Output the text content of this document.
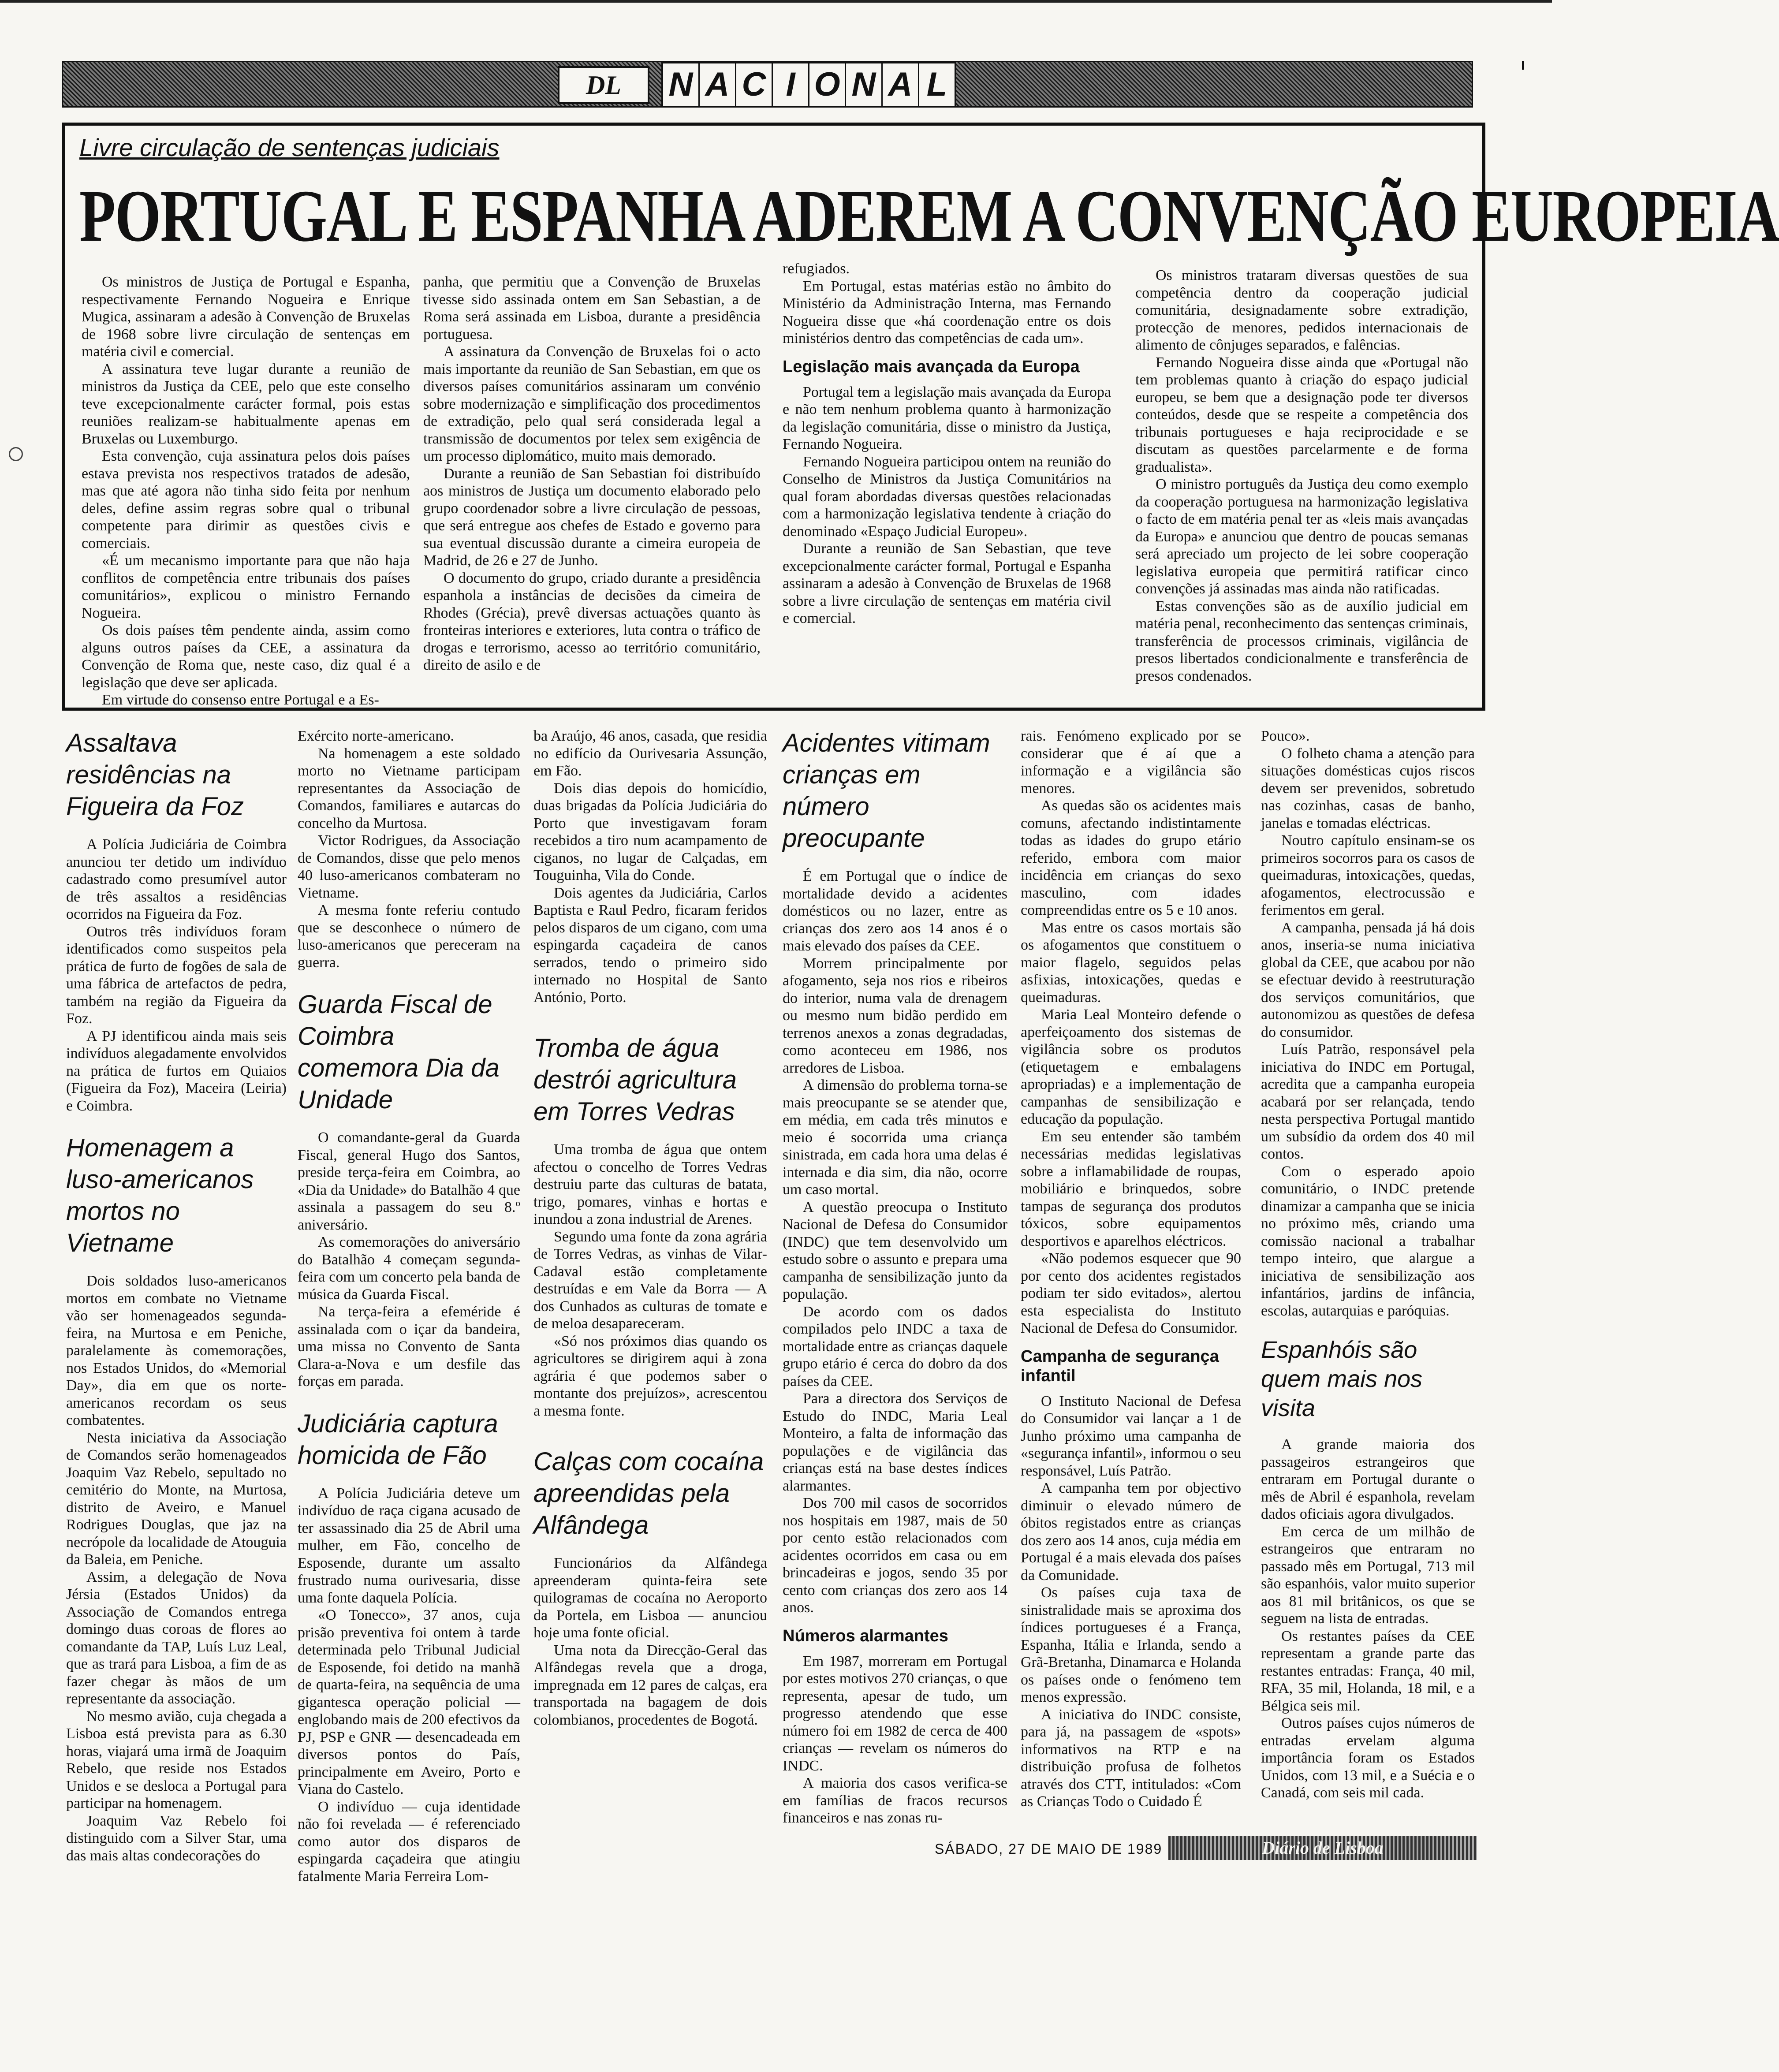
DL	N A C I O N A L
Livre circulação de sentenças judiciais
PORTUGAL E ESPANHA ADEREM A CONVENÇÃO EUROPEIA

Os ministros de Justiça de Portugal e Espanha, respectivamente Fernando Nogueira e Enrique Mugica, assinaram a adesão à Convenção de Bruxelas de 1968 sobre livre circulação de sentenças em matéria civil e comercial.

A assinatura teve lugar durante a reunião de ministros da Justiça da CEE, pelo que este conselho teve excepcionalmente carácter formal, pois estas reuniões realizam-se habitualmente apenas em Bruxelas ou Luxemburgo.

Esta convenção, cuja assinatura pelos dois países estava prevista nos respectivos tratados de adesão, mas que até agora não tinha sido feita por nenhum deles, define assim regras sobre qual o tribunal competente para dirimir as questões civis e comerciais.

«É um mecanismo importante para que não haja conflitos de competência entre tribunais dos países comunitários», explicou o ministro Fernando Nogueira.

Os dois países têm pendente ainda, assim como alguns outros países da CEE, a assinatura da Convenção de Roma que, neste caso, diz qual é a legislação que deve ser aplicada.

Em virtude do consenso entre Portugal e a Es-

panha, que permitiu que a Convenção de Bruxelas tivesse sido assinada ontem em San Sebastian, a de Roma será assinada em Lisboa, durante a presidência portuguesa.

A assinatura da Convenção de Bruxelas foi o acto mais importante da reunião de San Sebastian, em que os diversos países comunitários assinaram um convénio sobre modernização e simplificação dos procedimentos de extradição, pelo qual será considerada legal a transmissão de documentos por telex sem exigência de um processo diplomático, muito mais demorado.

Durante a reunião de San Sebastian foi distribuído aos ministros de Justiça um documento elaborado pelo grupo coordenador sobre a livre circulação de pessoas, que será entregue aos chefes de Estado e governo para sua eventual discussão durante a cimeira europeia de Madrid, de 26 e 27 de Junho.

O documento do grupo, criado durante a presidência espanhola a instâncias de decisões da cimeira de Rhodes (Grécia), prevê diversas actuações quanto às fronteiras interiores e exteriores, luta contra o tráfico de drogas e terrorismo, acesso ao território comunitário, direito de asilo e de

refugiados.

Em Portugal, estas matérias estão no âmbito do Ministério da Administração Interna, mas Fernando Nogueira disse que «há coordenação entre os dois ministérios dentro das competências de cada um».

Legislação mais avançada da Europa

Portugal tem a legislação mais avançada da Europa e não tem nenhum problema quanto à harmonização da legislação comunitária, disse o ministro da Justiça, Fernando Nogueira.

Fernando Nogueira participou ontem na reunião do Conselho de Ministros da Justiça Comunitários na qual foram abordadas diversas questões relacionadas com a harmonização legislativa tendente à criação do denominado «Espaço Judicial Europeu».

Durante a reunião de San Sebastian, que teve excepcionalmente carácter formal, Portugal e Espanha assinaram a adesão à Convenção de Bruxelas de 1968 sobre a livre circulação de sentenças em matéria civil e comercial.

Os ministros trataram diversas questões de sua competência dentro da cooperação judicial comunitária, designadamente sobre extradição, protecção de menores, pedidos internacionais de alimento de cônjuges separados, e falências.

Fernando Nogueira disse ainda que «Portugal não tem problemas quanto à criação do espaço judicial europeu, se bem que a designação pode ter diversos conteúdos, desde que se respeite a competência dos tribunais portugueses e haja reciprocidade e se discutam as questões parcelarmente e de forma gradualista».

O ministro português da Justiça deu como exemplo da cooperação portuguesa na harmonização legislativa o facto de em matéria penal ter as «leis mais avançadas da Europa» e anunciou que dentro de poucas semanas será apreciado um projecto de lei sobre cooperação legislativa europeia que permitirá ratificar cinco convenções já assinadas mas ainda não ratificadas.

Estas convenções são as de auxílio judicial em matéria penal, reconhecimento das sentenças criminais, transferência de processos criminais, vigilância de presos libertados condicionalmente e transferência de presos condenados.

Assaltava residências na Figueira da Foz

A Polícia Judiciária de Coimbra anunciou ter detido um indivíduo cadastrado como presumível autor de três assaltos a residências ocorridos na Figueira da Foz.

Outros três indivíduos foram identificados como suspeitos pela prática de furto de fogões de sala de uma fábrica de artefactos de pedra, também na região da Figueira da Foz.

A PJ identificou ainda mais seis indivíduos alegadamente envolvidos na prática de furtos em Quiaios (Figueira da Foz), Maceira (Leiria) e Coimbra.

Homenagem a luso-americanos mortos no Vietname

Dois soldados luso-americanos mortos em combate no Vietname vão ser homenageados segunda-feira, na Murtosa e em Peniche, paralelamente às comemorações, nos Estados Unidos, do «Memorial Day», dia em que os norte-americanos recordam os seus combatentes.

Nesta iniciativa da Associação de Comandos serão homenageados Joaquim Vaz Rebelo, sepultado no cemitério do Monte, na Murtosa, distrito de Aveiro, e Manuel Rodrigues Douglas, que jaz na necrópole da localidade de Atouguia da Baleia, em Peniche.

Assim, a delegação de Nova Jérsia (Estados Unidos) da Associação de Comandos entrega domingo duas coroas de flores ao comandante da TAP, Luís Luz Leal, que as trará para Lisboa, a fim de as fazer chegar às mãos de um representante da associação.

No mesmo avião, cuja chegada a Lisboa está prevista para as 6.30 horas, viajará uma irmã de Joaquim Rebelo, que reside nos Estados Unidos e se desloca a Portugal para participar na homenagem.

Joaquim Vaz Rebelo foi distinguido com a Silver Star, uma das mais altas condecorações do

Exército norte-americano.

Na homenagem a este soldado morto no Vietname participam representantes da Associação de Comandos, familiares e autarcas do concelho da Murtosa.

Victor Rodrigues, da Associação de Comandos, disse que pelo menos 40 luso-americanos combateram no Vietname.

A mesma fonte referiu contudo que se desconhece o número de luso-americanos que pereceram na guerra.

Guarda Fiscal de Coimbra comemora Dia da Unidade

O comandante-geral da Guarda Fiscal, general Hugo dos Santos, preside terça-feira em Coimbra, ao «Dia da Unidade» do Batalhão 4 que assinala a passagem do seu 8.º aniversário.

As comemorações do aniversário do Batalhão 4 começam segunda-feira com um concerto pela banda de música da Guarda Fiscal.

Na terça-feira a efeméride é assinalada com o içar da bandeira, uma missa no Convento de Santa Clara-a-Nova e um desfile das forças em parada.

Judiciária captura homicida de Fão

A Polícia Judiciária deteve um indivíduo de raça cigana acusado de ter assassinado dia 25 de Abril uma mulher, em Fão, concelho de Esposende, durante um assalto frustrado numa ourivesaria, disse uma fonte daquela Polícia.

«O Tonecco», 37 anos, cuja prisão preventiva foi ontem à tarde determinada pelo Tribunal Judicial de Esposende, foi detido na manhã de quarta-feira, na sequência de uma gigantesca operação policial — englobando mais de 200 efectivos da PJ, PSP e GNR — desencadeada em diversos pontos do País, principalmente em Aveiro, Porto e Viana do Castelo.

O indivíduo — cuja identidade não foi revelada — é referenciado como autor dos disparos de espingarda caçadeira que atingiu fatalmente Maria Ferreira Lom-

ba Araújo, 46 anos, casada, que residia no edifício da Ourivesaria Assunção, em Fão.

Dois dias depois do homicídio, duas brigadas da Polícia Judiciária do Porto que investigavam foram recebidos a tiro num acampamento de ciganos, no lugar de Calçadas, em Touguinha, Vila do Conde.

Dois agentes da Judiciária, Carlos Baptista e Raul Pedro, ficaram feridos pelos disparos de um cigano, com uma espingarda caçadeira de canos serrados, tendo o primeiro sido internado no Hospital de Santo António, Porto.

Tromba de água destrói agricultura em Torres Vedras

Uma tromba de água que ontem afectou o concelho de Torres Vedras destruiu parte das culturas de batata, trigo, pomares, vinhas e hortas e inundou a zona industrial de Arenes.

Segundo uma fonte da zona agrária de Torres Vedras, as vinhas de Vilar-Cadaval estão completamente destruídas e em Vale da Borra — A dos Cunhados as culturas de tomate e de meloa desapareceram.

«Só nos próximos dias quando os agricultores se dirigirem aqui à zona agrária é que podemos saber o montante dos prejuízos», acrescentou a mesma fonte.

Calças com cocaína apreendidas pela Alfândega

Funcionários da Alfândega apreenderam quinta-feira sete quilogramas de cocaína no Aeroporto da Portela, em Lisboa — anunciou hoje uma fonte oficial.

Uma nota da Direcção-Geral das Alfândegas revela que a droga, impregnada em 12 pares de calças, era transportada na bagagem de dois colombianos, procedentes de Bogotá.

Acidentes vitimam crianças em número preocupante

É em Portugal que o índice de mortalidade devido a acidentes domésticos ou no lazer, entre as crianças dos zero aos 14 anos é o mais elevado dos países da CEE.

Morrem principalmente por afogamento, seja nos rios e ribeiros do interior, numa vala de drenagem ou mesmo num bidão perdido em terrenos anexos a zonas degradadas, como aconteceu em 1986, nos arredores de Lisboa.

A dimensão do problema torna-se mais preocupante se se atender que, em média, em cada três minutos e meio é socorrida uma criança sinistrada, em cada hora uma delas é internada e dia sim, dia não, ocorre um caso mortal.

A questão preocupa o Instituto Nacional de Defesa do Consumidor (INDC) que tem desenvolvido um estudo sobre o assunto e prepara uma campanha de sensibilização junto da população.

De acordo com os dados compilados pelo INDC a taxa de mortalidade entre as crianças daquele grupo etário é cerca do dobro da dos países da CEE.

Para a directora dos Serviços de Estudo do INDC, Maria Leal Monteiro, a falta de informação das populações e de vigilância das crianças está na base destes índices alarmantes.

Dos 700 mil casos de socorridos nos hospitais em 1987, mais de 50 por cento estão relacionados com acidentes ocorridos em casa ou em brincadeiras e jogos, sendo 35 por cento com crianças dos zero aos 14 anos.

Números alarmantes

Em 1987, morreram em Portugal por estes motivos 270 crianças, o que representa, apesar de tudo, um progresso atendendo que esse número foi em 1982 de cerca de 400 crianças — revelam os números do INDC.

A maioria dos casos verifica-se em famílias de fracos recursos financeiros e nas zonas ru-

rais. Fenómeno explicado por se considerar que é aí que a informação e a vigilância são menores.

As quedas são os acidentes mais comuns, afectando indistintamente todas as idades do grupo etário referido, embora com maior incidência em crianças do sexo masculino, com idades compreendidas entre os 5 e 10 anos.

Mas entre os casos mortais são os afogamentos que constituem o maior flagelo, seguidos pelas asfixias, intoxicações, quedas e queimaduras.

Maria Leal Monteiro defende o aperfeiçoamento dos sistemas de vigilância sobre os produtos (etiquetagem e embalagens apropriadas) e a implementação de campanhas de sensibilização e educação da população.

Em seu entender são também necessárias medidas legislativas sobre a inflamabilidade de roupas, mobiliário e brinquedos, sobre tampas de segurança dos produtos tóxicos, sobre equipamentos desportivos e aparelhos eléctricos.

«Não podemos esquecer que 90 por cento dos acidentes registados podiam ter sido evitados», alertou esta especialista do Instituto Nacional de Defesa do Consumidor.

Campanha de segurança infantil

O Instituto Nacional de Defesa do Consumidor vai lançar a 1 de Junho próximo uma campanha de «segurança infantil», informou o seu responsável, Luís Patrão.

A campanha tem por objectivo diminuir o elevado número de óbitos registados entre as crianças dos zero aos 14 anos, cuja média em Portugal é a mais elevada dos países da Comunidade.

Os países cuja taxa de sinistralidade mais se aproxima dos índices portugueses é a França, Espanha, Itália e Irlanda, sendo a Grã-Bretanha, Dinamarca e Holanda os países onde o fenómeno tem menos expressão.

A iniciativa do INDC consiste, para já, na passagem de «spots» informativos na RTP e na distribuição profusa de folhetos através dos CTT, intitulados: «Com as Crianças Todo o Cuidado É

Pouco».

O folheto chama a atenção para situações domésticas cujos riscos devem ser prevenidos, sobretudo nas cozinhas, casas de banho, janelas e tomadas eléctricas.

Noutro capítulo ensinam-se os primeiros socorros para os casos de queimaduras, intoxicações, quedas, afogamentos, electrocussão e ferimentos em geral.

A campanha, pensada já há dois anos, inseria-se numa iniciativa global da CEE, que acabou por não se efectuar devido à reestruturação dos serviços comunitários, que autonomizou as questões de defesa do consumidor.

Luís Patrão, responsável pela iniciativa do INDC em Portugal, acredita que a campanha europeia acabará por ser relançada, tendo nesta perspectiva Portugal mantido um subsídio da ordem dos 40 mil contos.

Com o esperado apoio comunitário, o INDC pretende dinamizar a campanha que se inicia no próximo mês, criando uma comissão nacional a trabalhar tempo inteiro, que alargue a iniciativa de sensibilização aos infantários, jardins de infância, escolas, autarquias e paróquias.

Espanhóis são quem mais nos visita

A grande maioria dos passageiros estrangeiros que entraram em Portugal durante o mês de Abril é espanhola, revelam dados oficiais agora divulgados.

Em cerca de um milhão de estrangeiros que entraram no passado mês em Portugal, 713 mil são espanhóis, valor muito superior aos 81 mil britânicos, os que se seguem na lista de entradas.

Os restantes países da CEE representam a grande parte das restantes entradas: França, 40 mil, RFA, 35 mil, Holanda, 18 mil, e a Bélgica seis mil.

Outros países cujos números de entradas ervelam alguma importância foram os Estados Unidos, com 13 mil, e a Suécia e o Canadá, com seis mil cada.

SÁBADO, 27 DE MAIO DE 1989	Diário de Lisboa
